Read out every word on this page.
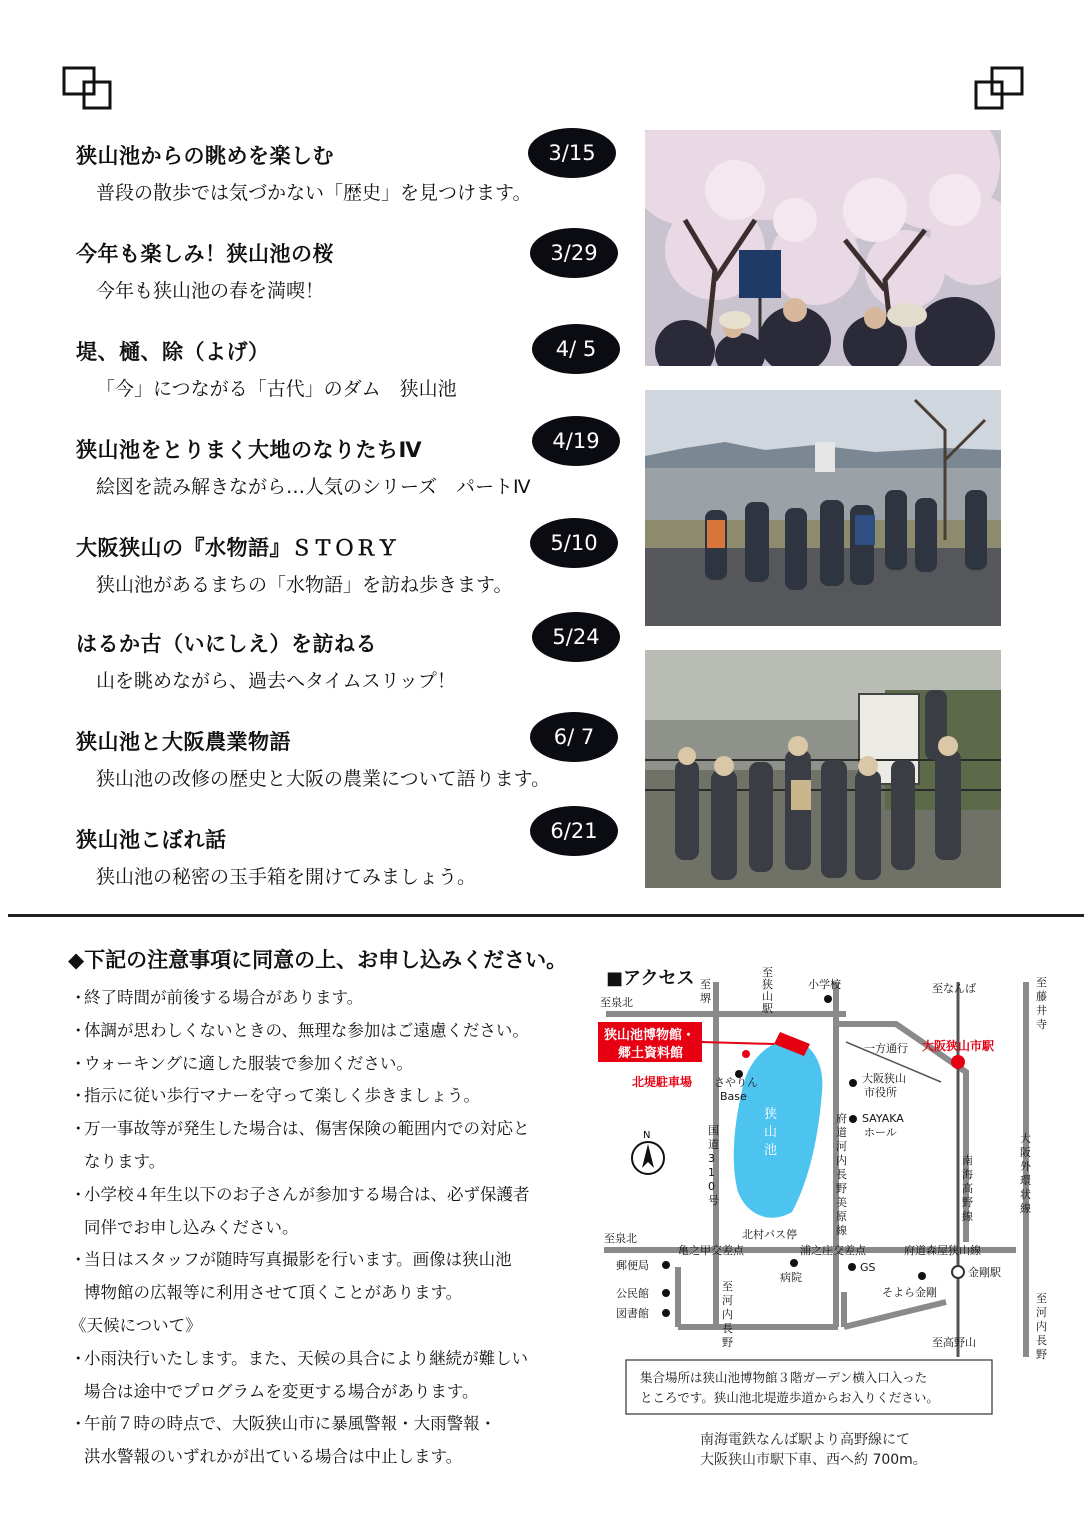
狭山池からの眺めを楽しむ
普段の散歩では気づかない「歴史」を見つけます。
3/15
今年も楽しみ！狭山池の桜
今年も狭山池の春を満喫！
3/29
堤、樋、除（よげ）
「今」につながる「古代」のダム　狭山池
4/ 5
狭山池をとりまく大地のなりたちⅣ
絵図を読み解きながら…人気のシリーズ　パートⅣ
4/19
大阪狭山の『水物語』ＳＴＯＲＹ
狭山池があるまちの「水物語」を訪ね歩きます。
5/10
はるか古（いにしえ）を訪ねる
山を眺めながら、過去へタイムスリップ！
5/24
狭山池と大阪農業物語
狭山池の改修の歴史と大阪の農業について語ります。
6/ 7
狭山池こぼれ話
狭山池の秘密の玉手箱を開けてみましょう。
6/21
◆下記の注意事項に同意の上、お申し込みください。
・終了時間が前後する場合があります。
・体調が思わしくないときの、無理な参加はご遠慮ください。
・ウォーキングに適した服装で参加ください。
・指示に従い歩行マナーを守って楽しく歩きましょう。
・万一事故等が発生した場合は、傷害保険の範囲内での対応と
なります。
・小学校４年生以下のお子さんが参加する場合は、必ず保護者
同伴でお申し込みください。
・当日はスタッフが随時写真撮影を行います。画像は狭山池
博物館の広報等に利用させて頂くことがあります。
《天候について》
・小雨決行いたします。また、天候の具合により継続が難しい
場合は途中でプログラムを変更する場合があります。
・午前７時の時点で、大阪狭山市に暴風警報・大雨警報・
洪水警報のいずれかが出ている場合は中止します。
■アクセス
狭
山
池
狭山池博物館・
郷土資料館
北堤駐車場
大阪狭山市駅
N
至泉北
至
堺
至
狭
山
駅
小学校	至なんば	至
藤
井
寺
一方通行
大阪狭山
市役所
SAYAKA
ホール
さやりん
Base
国
道
3
1
0
号
府
道
河
内
長
野
美
原
線
大
阪
外
環
状
線
南
海
高
野
線
北村バス停
至泉北
亀之甲交差点	浦之庄交差点	府道森屋狭山線
金剛駅
郵便局
公民館
図書館
病院
GS
そよら金剛
至
河
内
長
野	至高野山
至
河
内
長
野
集合場所は狭山池博物館３階ガーデン横入口入った
ところです。狭山池北堤遊歩道からお入りください。
南海電鉄なんば駅より高野線にて
大阪狭山市駅下車、西へ約 700m。
